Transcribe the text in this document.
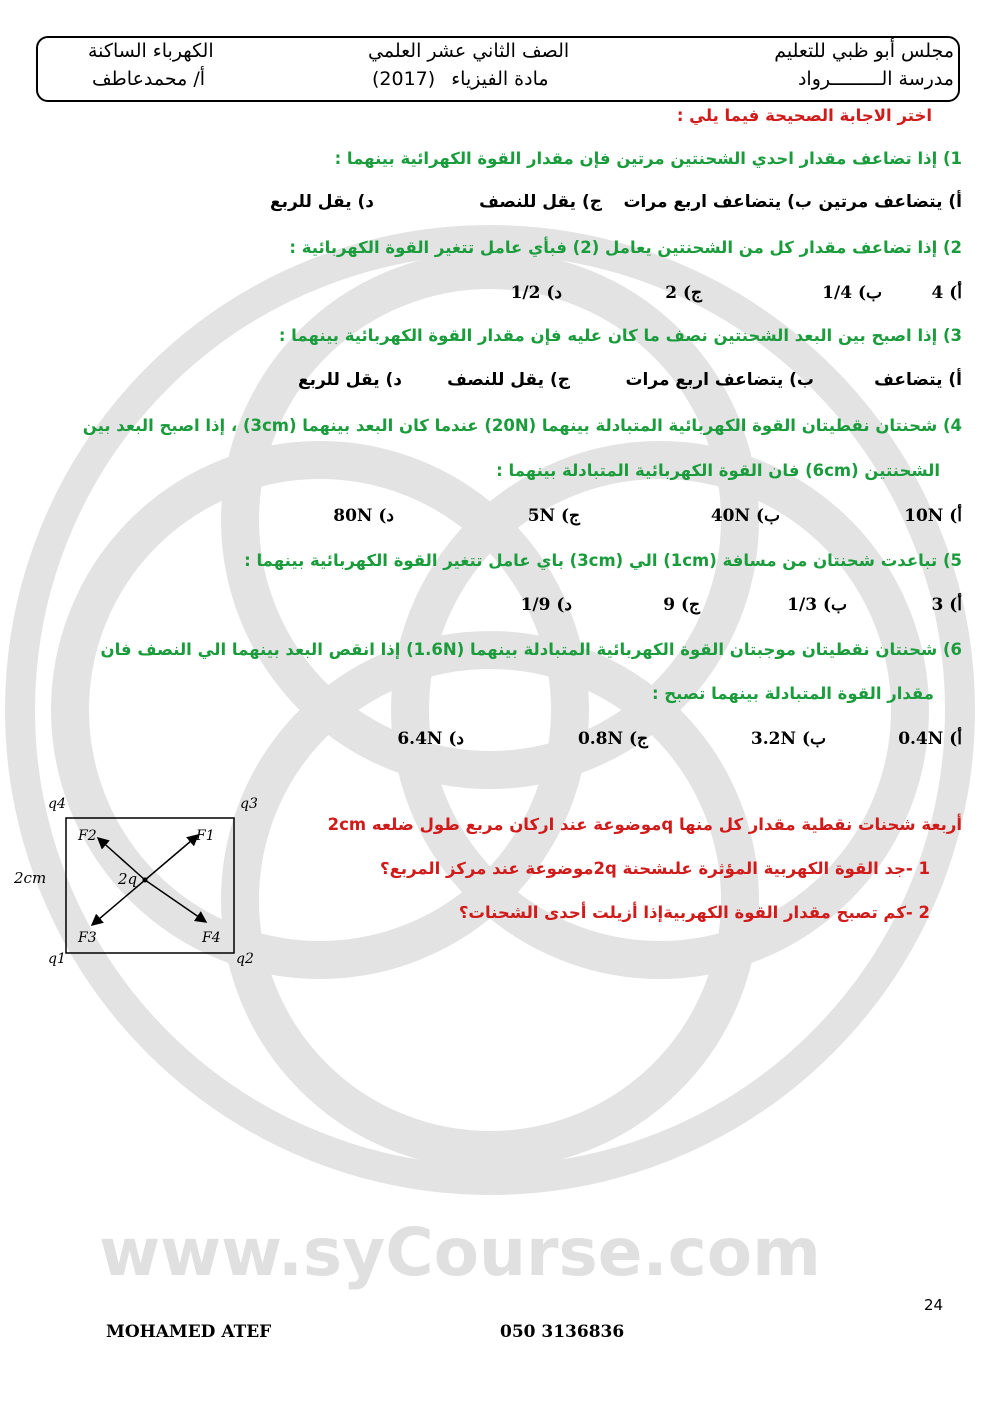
www.syCourse.com
مجلس أبو ظبي للتعليم
مدرسة الـــــــــرواد
الصف الثاني عشر العلمي
(2017) مادة الفيزياء
الكهرباء الساكنة
أ/ محمدعاطف
اختر الاجابة الصحيحة فيما يلي :
1) إذا تضاعف مقدار احدي الشحنتين مرتين فإن مقدار القوة الكهرائية بينهما :
أ) يتضاعف مرتين
ب) يتضاعف اربع مرات
ج) يقل للنصف
د) يقل للربع
2) إذا تضاعف مقدار كل من الشحنتين يعامل (2) فبأي عامل تتغير القوة الكهربائية :
أ) 4
ب) 1/4
ج) 2
د) 1/2
3) إذا اصبح بين البعد الشحنتين نصف ما كان عليه فإن مقدار القوة الكهربائية بينهما :
أ) يتضاعف
ب) يتضاعف اربع مرات
ج) يقل للنصف
د) يقل للربع
4) شحنتان نقطيتان القوة الكهربائية المتبادلة بينهما (20N) عندما كان البعد بينهما (3cm) ، إذا اصبح البعد بين
الشحنتين (6cm) فان القوة الكهربائية المتبادلة بينهما :
أ) 10N
ب) 40N
ج) 5N
د) 80N
5) تباعدت شحنتان من مسافة (1cm) الي (3cm) باي عامل تتغير القوة الكهربائية بينهما :
أ) 3
ب) 1/3
ج) 9
د) 1/9
6) شحنتان نقطيتان موجبتان القوة الكهربائية المتبادلة بينهما (1.6N) إذا انقص البعد بينهما الي النصف فان
مقدار القوة المتبادلة بينهما تصبح :
أ) 0.4N
ب) 3.2N
ج) 0.8N
د) 6.4N
أربعة شحنات نقطية مقدار كل منها qموضوعة عند اركان مربع طول ضلعه 2cm
1 -جد القوة الكهربية المؤثرة علىشحنة 2qموضوعة عند مركز المربع؟
2 -كم تصبح مقدار القوة الكهربيةإذا أزيلت أحدى الشحنات؟
q4	q3
q1	q2
F1
F2
F3	F4
2q
2cm
24
MOHAMED ATEF	050 3136836
